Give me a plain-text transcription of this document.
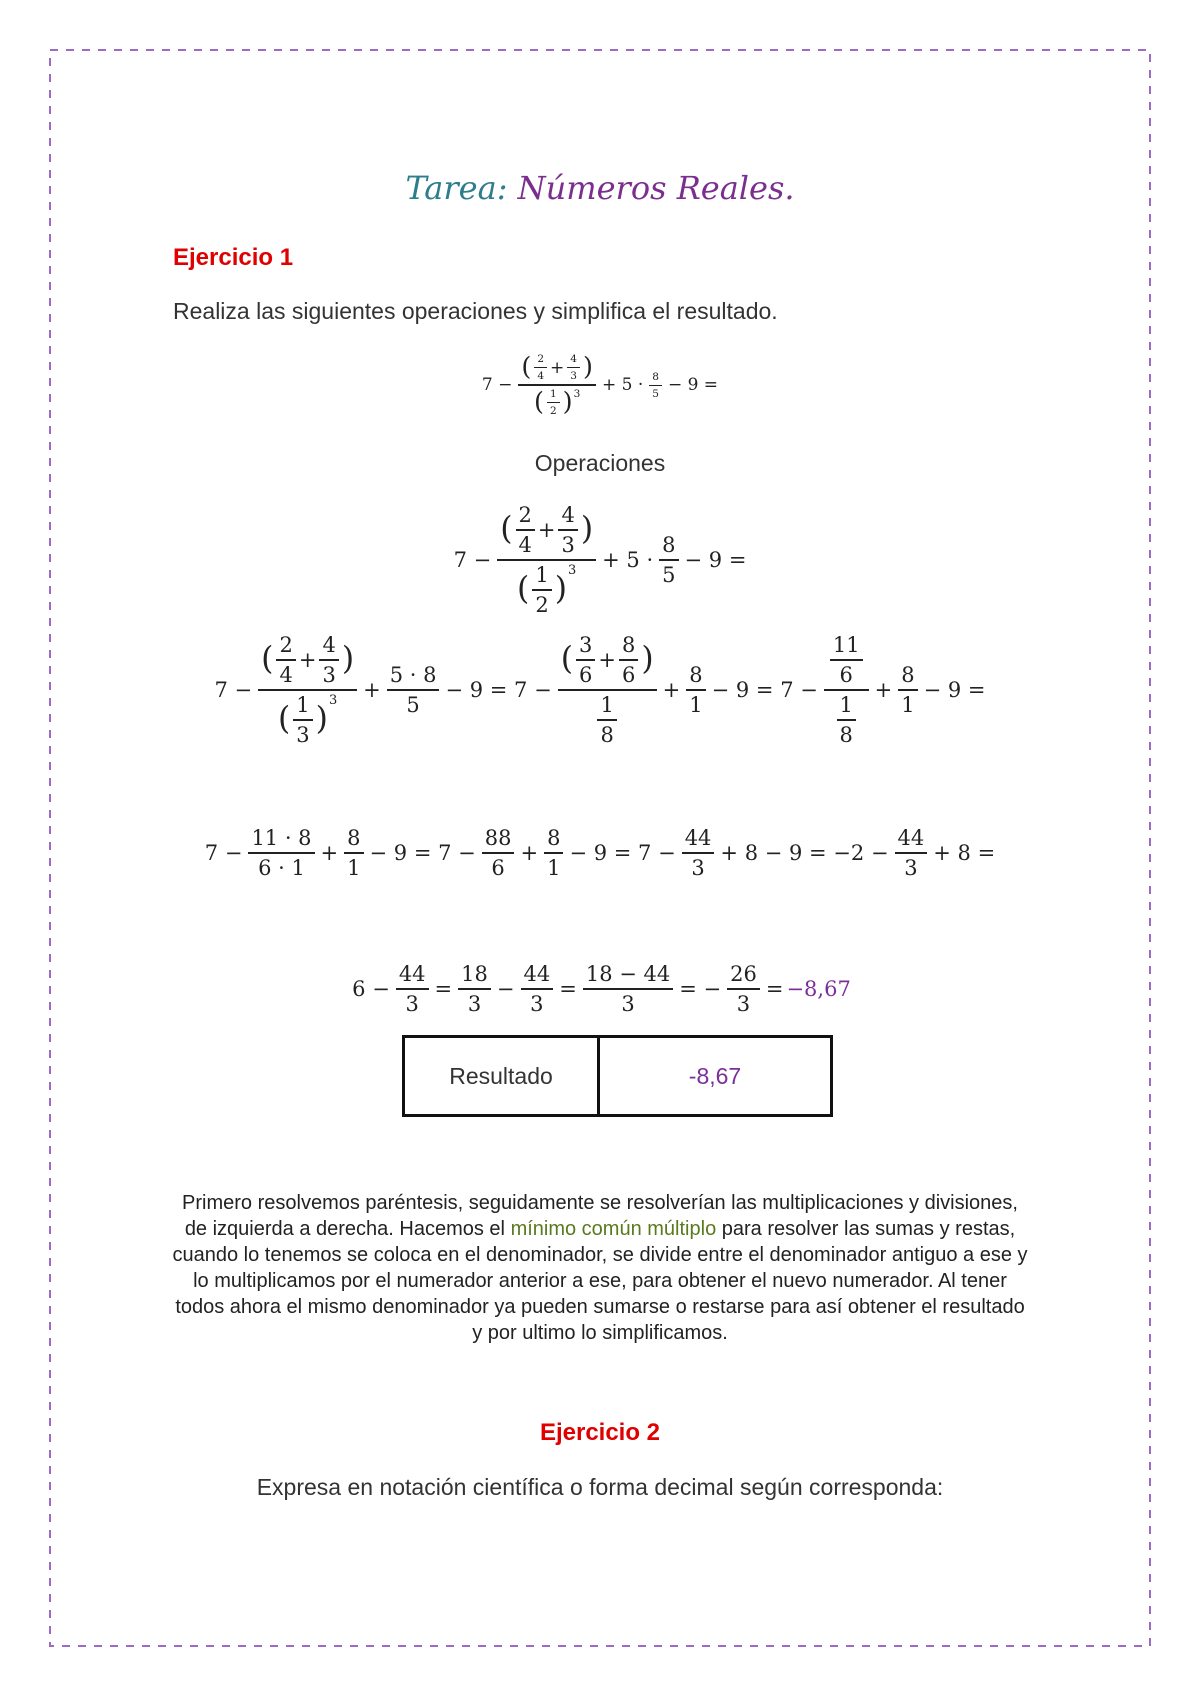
Tarea: Números Reales.
Ejercicio 1
Realiza las siguientes operaciones y simplifica el resultado.
$7 - \frac{( \frac{2}{4} + \frac{4}{3} )}{( \frac{1}{2} ) 3} + 5 \cdot \frac{8}{5} - 9$ =
Operaciones
7 − ( $\frac{2}{4} + \frac{4}{3}$ )
( $\frac{1}{2}$ )
$3 + 5 \cdot \frac{8}{5} - 9$ =
7 − ( $\frac{2}{4} + \frac{4}{3}$ )
( $\frac{1}{3}$ )
$3 + \frac{5 \cdot 8}{5} - 9 = 7 - \frac{( \frac{3}{6} + \frac{8}{6} )}{\frac{1}{8}} + \frac{8}{1} - 9 = 7 - \frac{\frac{11}{6}}{\frac{1}{8}} + \frac{8}{1} - 9$ =
$7 - \frac{11 \cdot 8}{6 \cdot 1} + \frac{8}{1} - 9 = 7 - \frac{88}{6} + \frac{8}{1} - 9 = 7 - \frac{44}{3} + 8 - 9 = -2 - \frac{44}{3} + 8$ =
$6 - \frac{44}{3} = \frac{18}{3} - \frac{44}{3} = \frac{18 - 44}{3}$ = − $\frac{26}{3} = -8,67$
Resultado	-8,67
Primero resolvemos paréntesis, seguidamente se resolverían las multiplicaciones y divisiones, de izquierda a derecha. Hacemos el mínimo común múltiplo para resolver las sumas y restas, cuando lo tenemos se coloca en el denominador, se divide entre el denominador antiguo a ese y lo multiplicamos por el numerador anterior a ese, para obtener el nuevo numerador. Al tener todos ahora el mismo denominador ya pueden sumarse o restarse para así obtener el resultado y por ultimo lo simplificamos.
Ejercicio 2
Expresa en notación científica o forma decimal según corresponda:
